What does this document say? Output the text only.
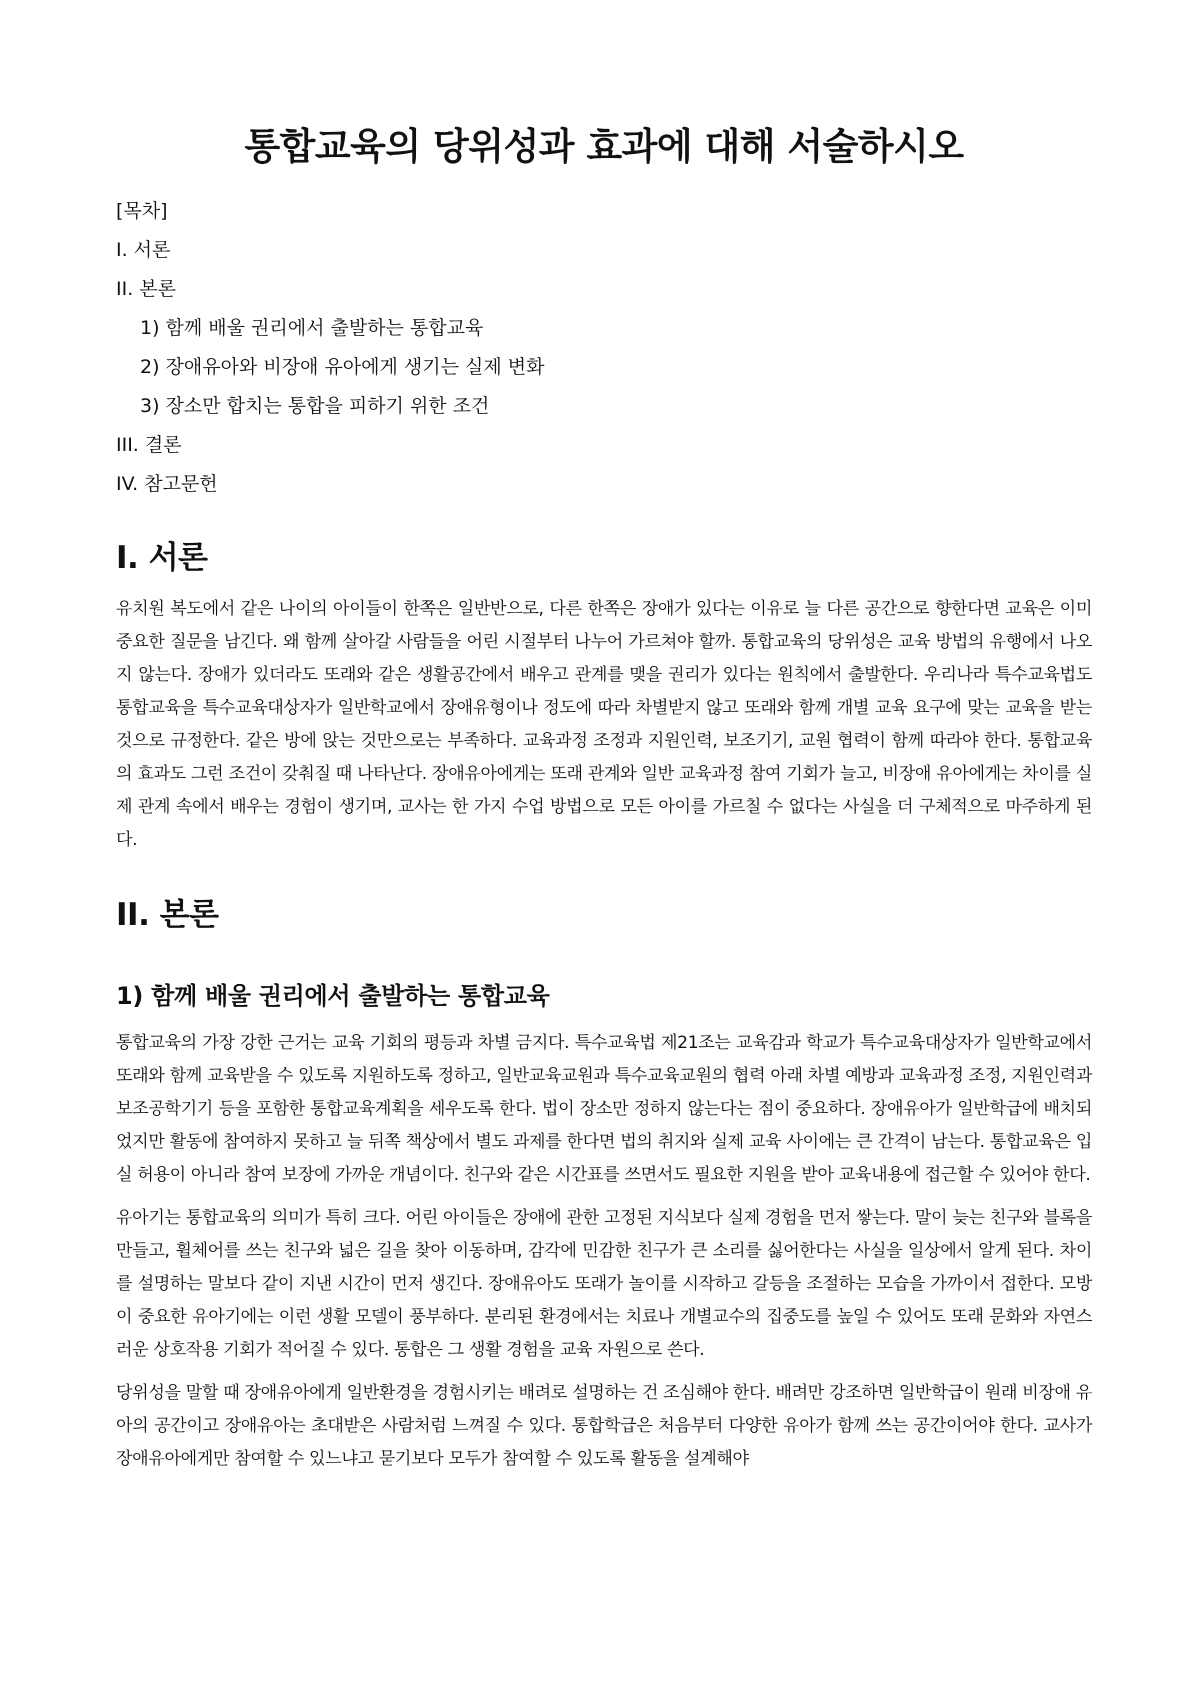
통합교육의 당위성과 효과에 대해 서술하시오
[목차]
I. 서론
II. 본론
1) 함께 배울 권리에서 출발하는 통합교육
2) 장애유아와 비장애 유아에게 생기는 실제 변화
3) 장소만 합치는 통합을 피하기 위한 조건
III. 결론
IV. 참고문헌
I. 서론

유치원 복도에서 같은 나이의 아이들이 한쪽은 일반반으로, 다른 한쪽은 장애가 있다는 이유로 늘 다른 공간으로 향한다면 교육은 이미 중요한 질문을 남긴다. 왜 함께 살아갈 사람들을 어린 시절부터 나누어 가르쳐야 할까. 통합교육의 당위성은 교육 방법의 유행에서 나오지 않는다. 장애가 있더라도 또래와 같은 생활공간에서 배우고 관계를 맺을 권리가 있다는 원칙에서 출발한다. 우리나라 특수교육법도 통합교육을 특수교육대상자가 일반학교에서 장애유형이나 정도에 따라 차별받지 않고 또래와 함께 개별 교육 요구에 맞는 교육을 받는 것으로 규정한다. 같은 방에 앉는 것만으로는 부족하다. 교육과정 조정과 지원인력, 보조기기, 교원 협력이 함께 따라야 한다. 통합교육의 효과도 그런 조건이 갖춰질 때 나타난다. 장애유아에게는 또래 관계와 일반 교육과정 참여 기회가 늘고, 비장애 유아에게는 차이를 실제 관계 속에서 배우는 경험이 생기며, 교사는 한 가지 수업 방법으로 모든 아이를 가르칠 수 없다는 사실을 더 구체적으로 마주하게 된다.

II. 본론
1) 함께 배울 권리에서 출발하는 통합교육

통합교육의 가장 강한 근거는 교육 기회의 평등과 차별 금지다. 특수교육법 제21조는 교육감과 학교가 특수교육대상자가 일반학교에서 또래와 함께 교육받을 수 있도록 지원하도록 정하고, 일반교육교원과 특수교육교원의 협력 아래 차별 예방과 교육과정 조정, 지원인력과 보조공학기기 등을 포함한 통합교육계획을 세우도록 한다. 법이 장소만 정하지 않는다는 점이 중요하다. 장애유아가 일반학급에 배치되었지만 활동에 참여하지 못하고 늘 뒤쪽 책상에서 별도 과제를 한다면 법의 취지와 실제 교육 사이에는 큰 간격이 남는다. 통합교육은 입실 허용이 아니라 참여 보장에 가까운 개념이다. 친구와 같은 시간표를 쓰면서도 필요한 지원을 받아 교육내용에 접근할 수 있어야 한다.

유아기는 통합교육의 의미가 특히 크다. 어린 아이들은 장애에 관한 고정된 지식보다 실제 경험을 먼저 쌓는다. 말이 늦는 친구와 블록을 만들고, 휠체어를 쓰는 친구와 넓은 길을 찾아 이동하며, 감각에 민감한 친구가 큰 소리를 싫어한다는 사실을 일상에서 알게 된다. 차이를 설명하는 말보다 같이 지낸 시간이 먼저 생긴다. 장애유아도 또래가 놀이를 시작하고 갈등을 조절하는 모습을 가까이서 접한다. 모방이 중요한 유아기에는 이런 생활 모델이 풍부하다. 분리된 환경에서는 치료나 개별교수의 집중도를 높일 수 있어도 또래 문화와 자연스러운 상호작용 기회가 적어질 수 있다. 통합은 그 생활 경험을 교육 자원으로 쓴다.

당위성을 말할 때 장애유아에게 일반환경을 경험시키는 배려로 설명하는 건 조심해야 한다. 배려만 강조하면 일반학급이 원래 비장애 유아의 공간이고 장애유아는 초대받은 사람처럼 느껴질 수 있다. 통합학급은 처음부터 다양한 유아가 함께 쓰는 공간이어야 한다. 교사가 장애유아에게만 참여할 수 있느냐고 묻기보다 모두가 참여할 수 있도록 활동을 설계해야
